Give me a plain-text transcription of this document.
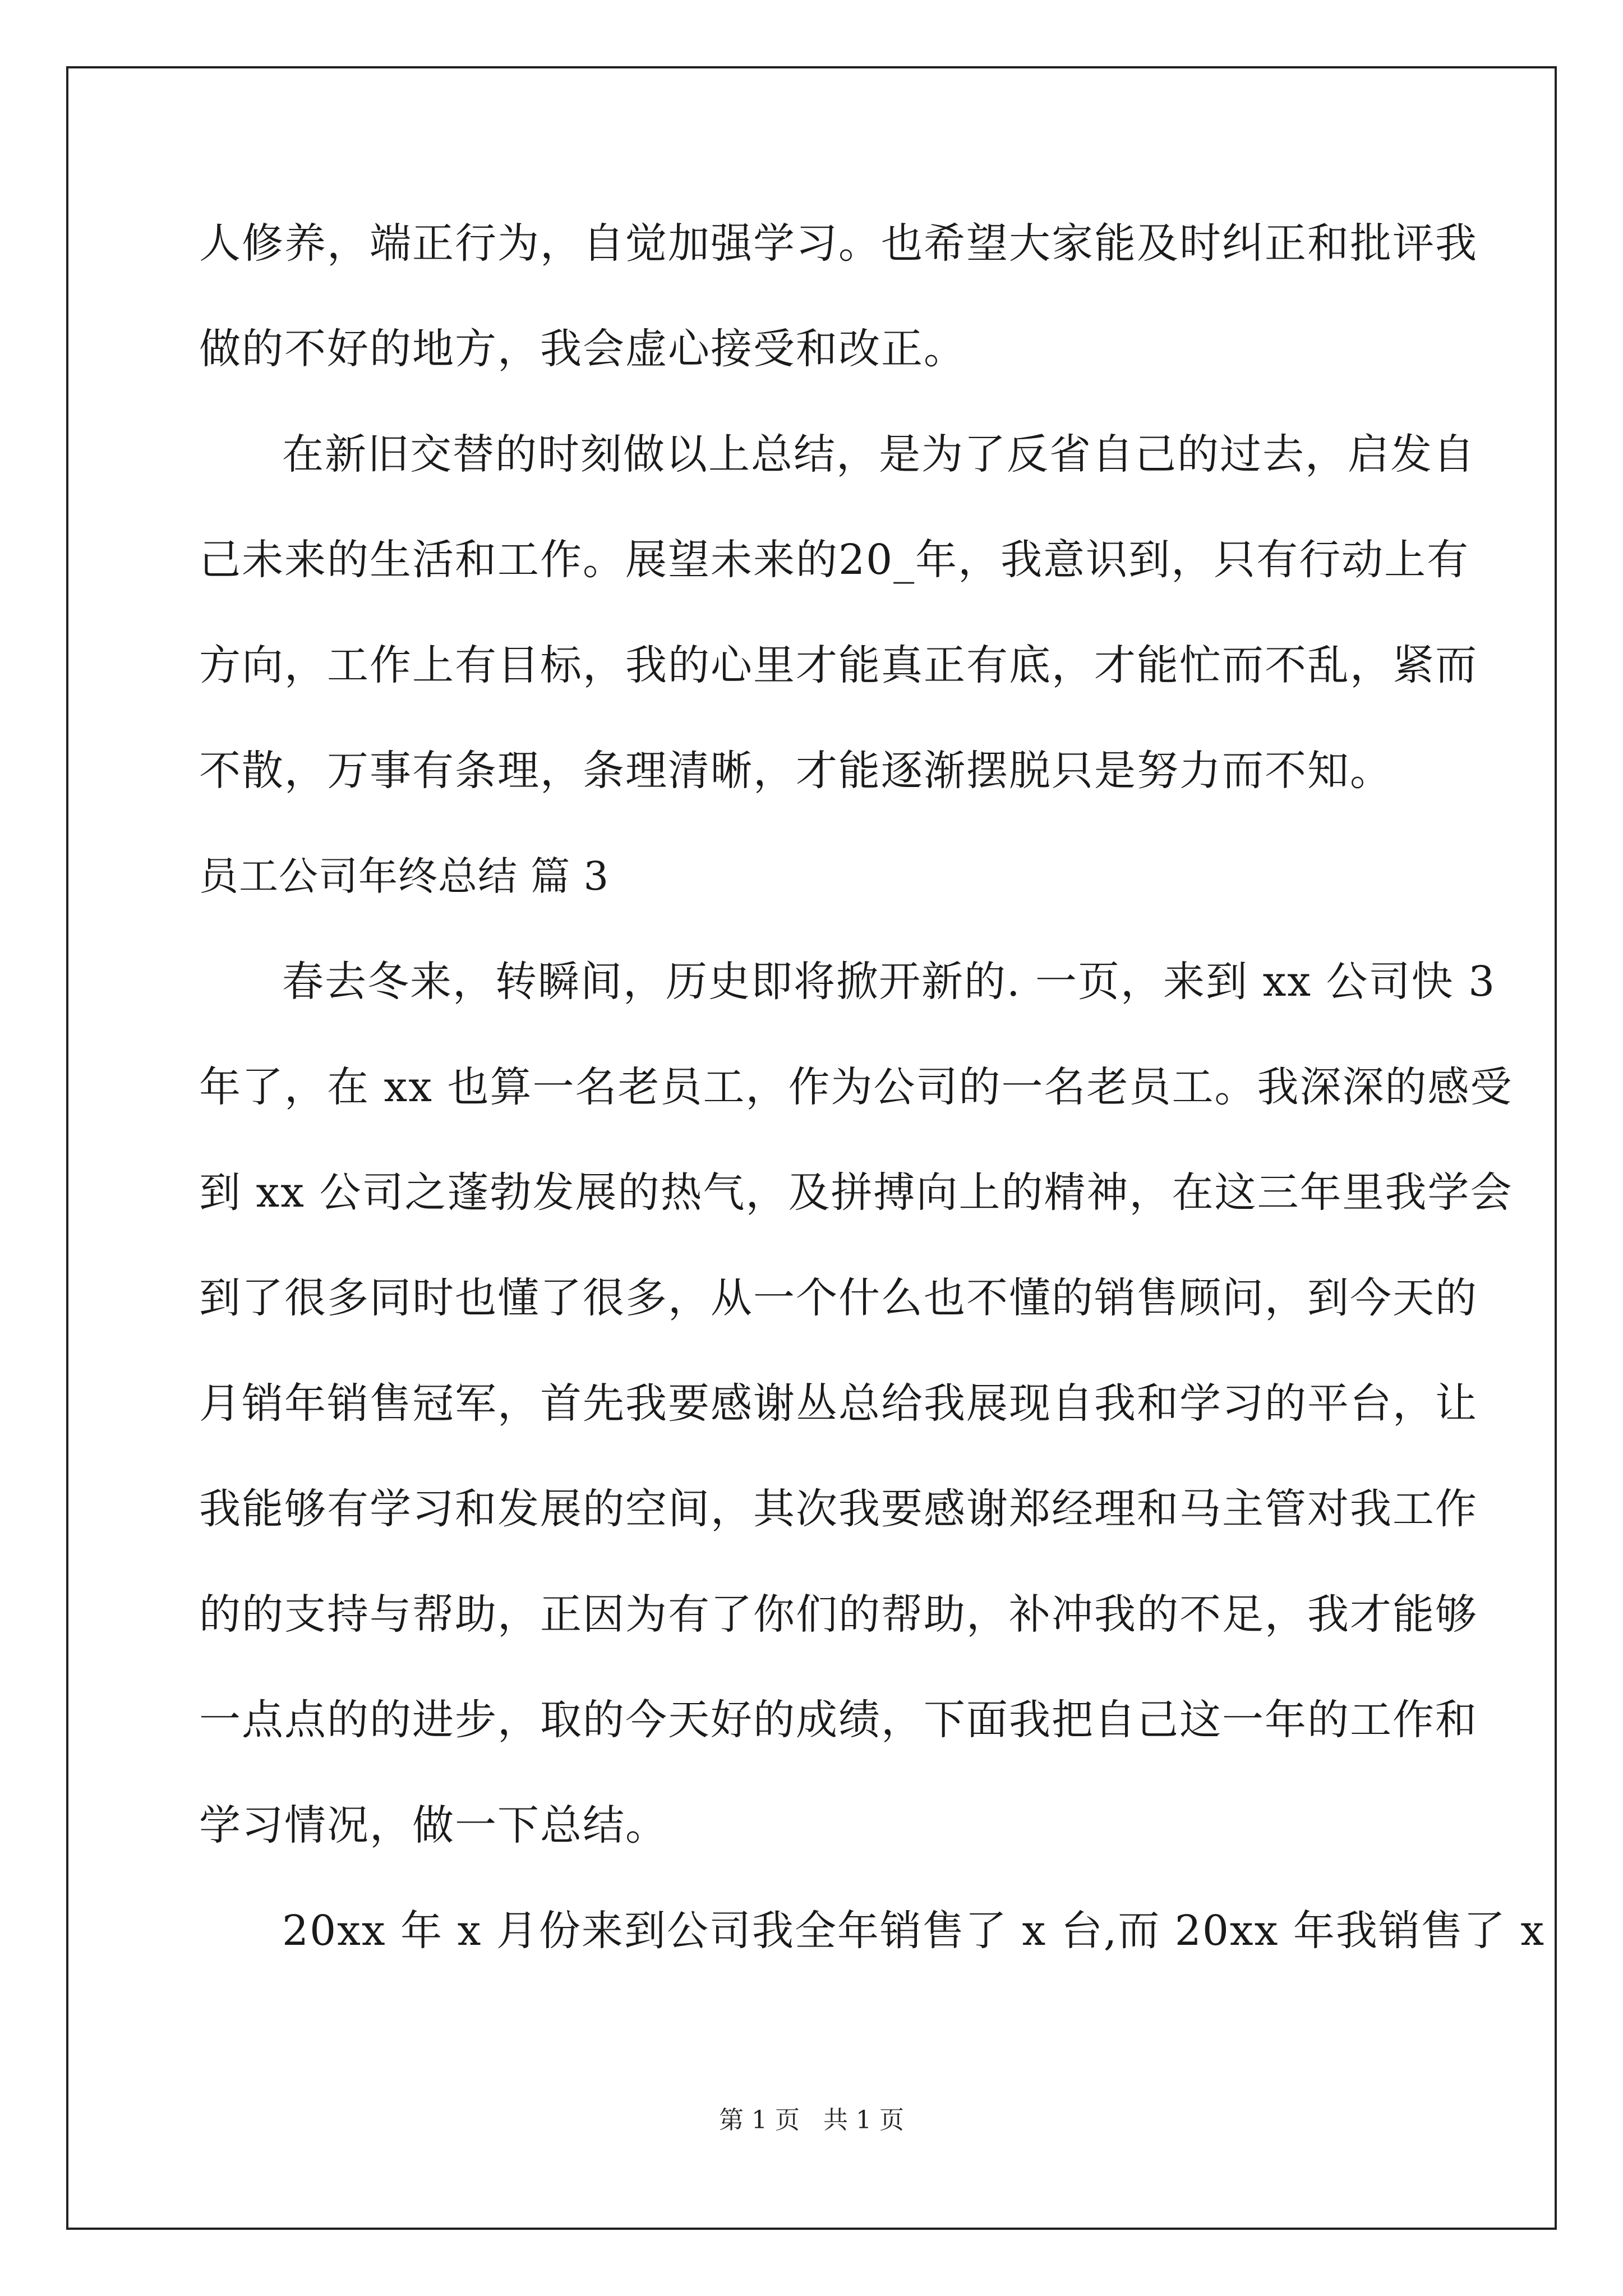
人修养，端正行为，自觉加强学习。也希望大家能及时纠正和批评我
做的不好的地方，我会虚心接受和改正。
在新旧交替的时刻做以上总结，是为了反省自己的过去，启发自
己未来的生活和工作。展望未来的20_年，我意识到，只有行动上有
方向，工作上有目标，我的心里才能真正有底，才能忙而不乱，紧而
不散，万事有条理，条理清晰，才能逐渐摆脱只是努力而不知。
员工公司年终总结 篇 3
春去冬来，转瞬间，历史即将掀开新的. 一页，来到 xx 公司快 3
年了，在 xx 也算一名老员工，作为公司的一名老员工。我深深的感受
到 xx 公司之蓬勃发展的热气，及拼搏向上的精神，在这三年里我学会
到了很多同时也懂了很多，从一个什么也不懂的销售顾问，到今天的
月销年销售冠军，首先我要感谢丛总给我展现自我和学习的平台，让
我能够有学习和发展的空间，其次我要感谢郑经理和马主管对我工作
的的支持与帮助，正因为有了你们的帮助，补冲我的不足，我才能够
一点点的的进步，取的今天好的成绩，下面我把自己这一年的工作和
学习情况，做一下总结。
20xx 年 x 月份来到公司我全年销售了 x 台,而 20xx 年我销售了 x
第 1 页 共 1 页
